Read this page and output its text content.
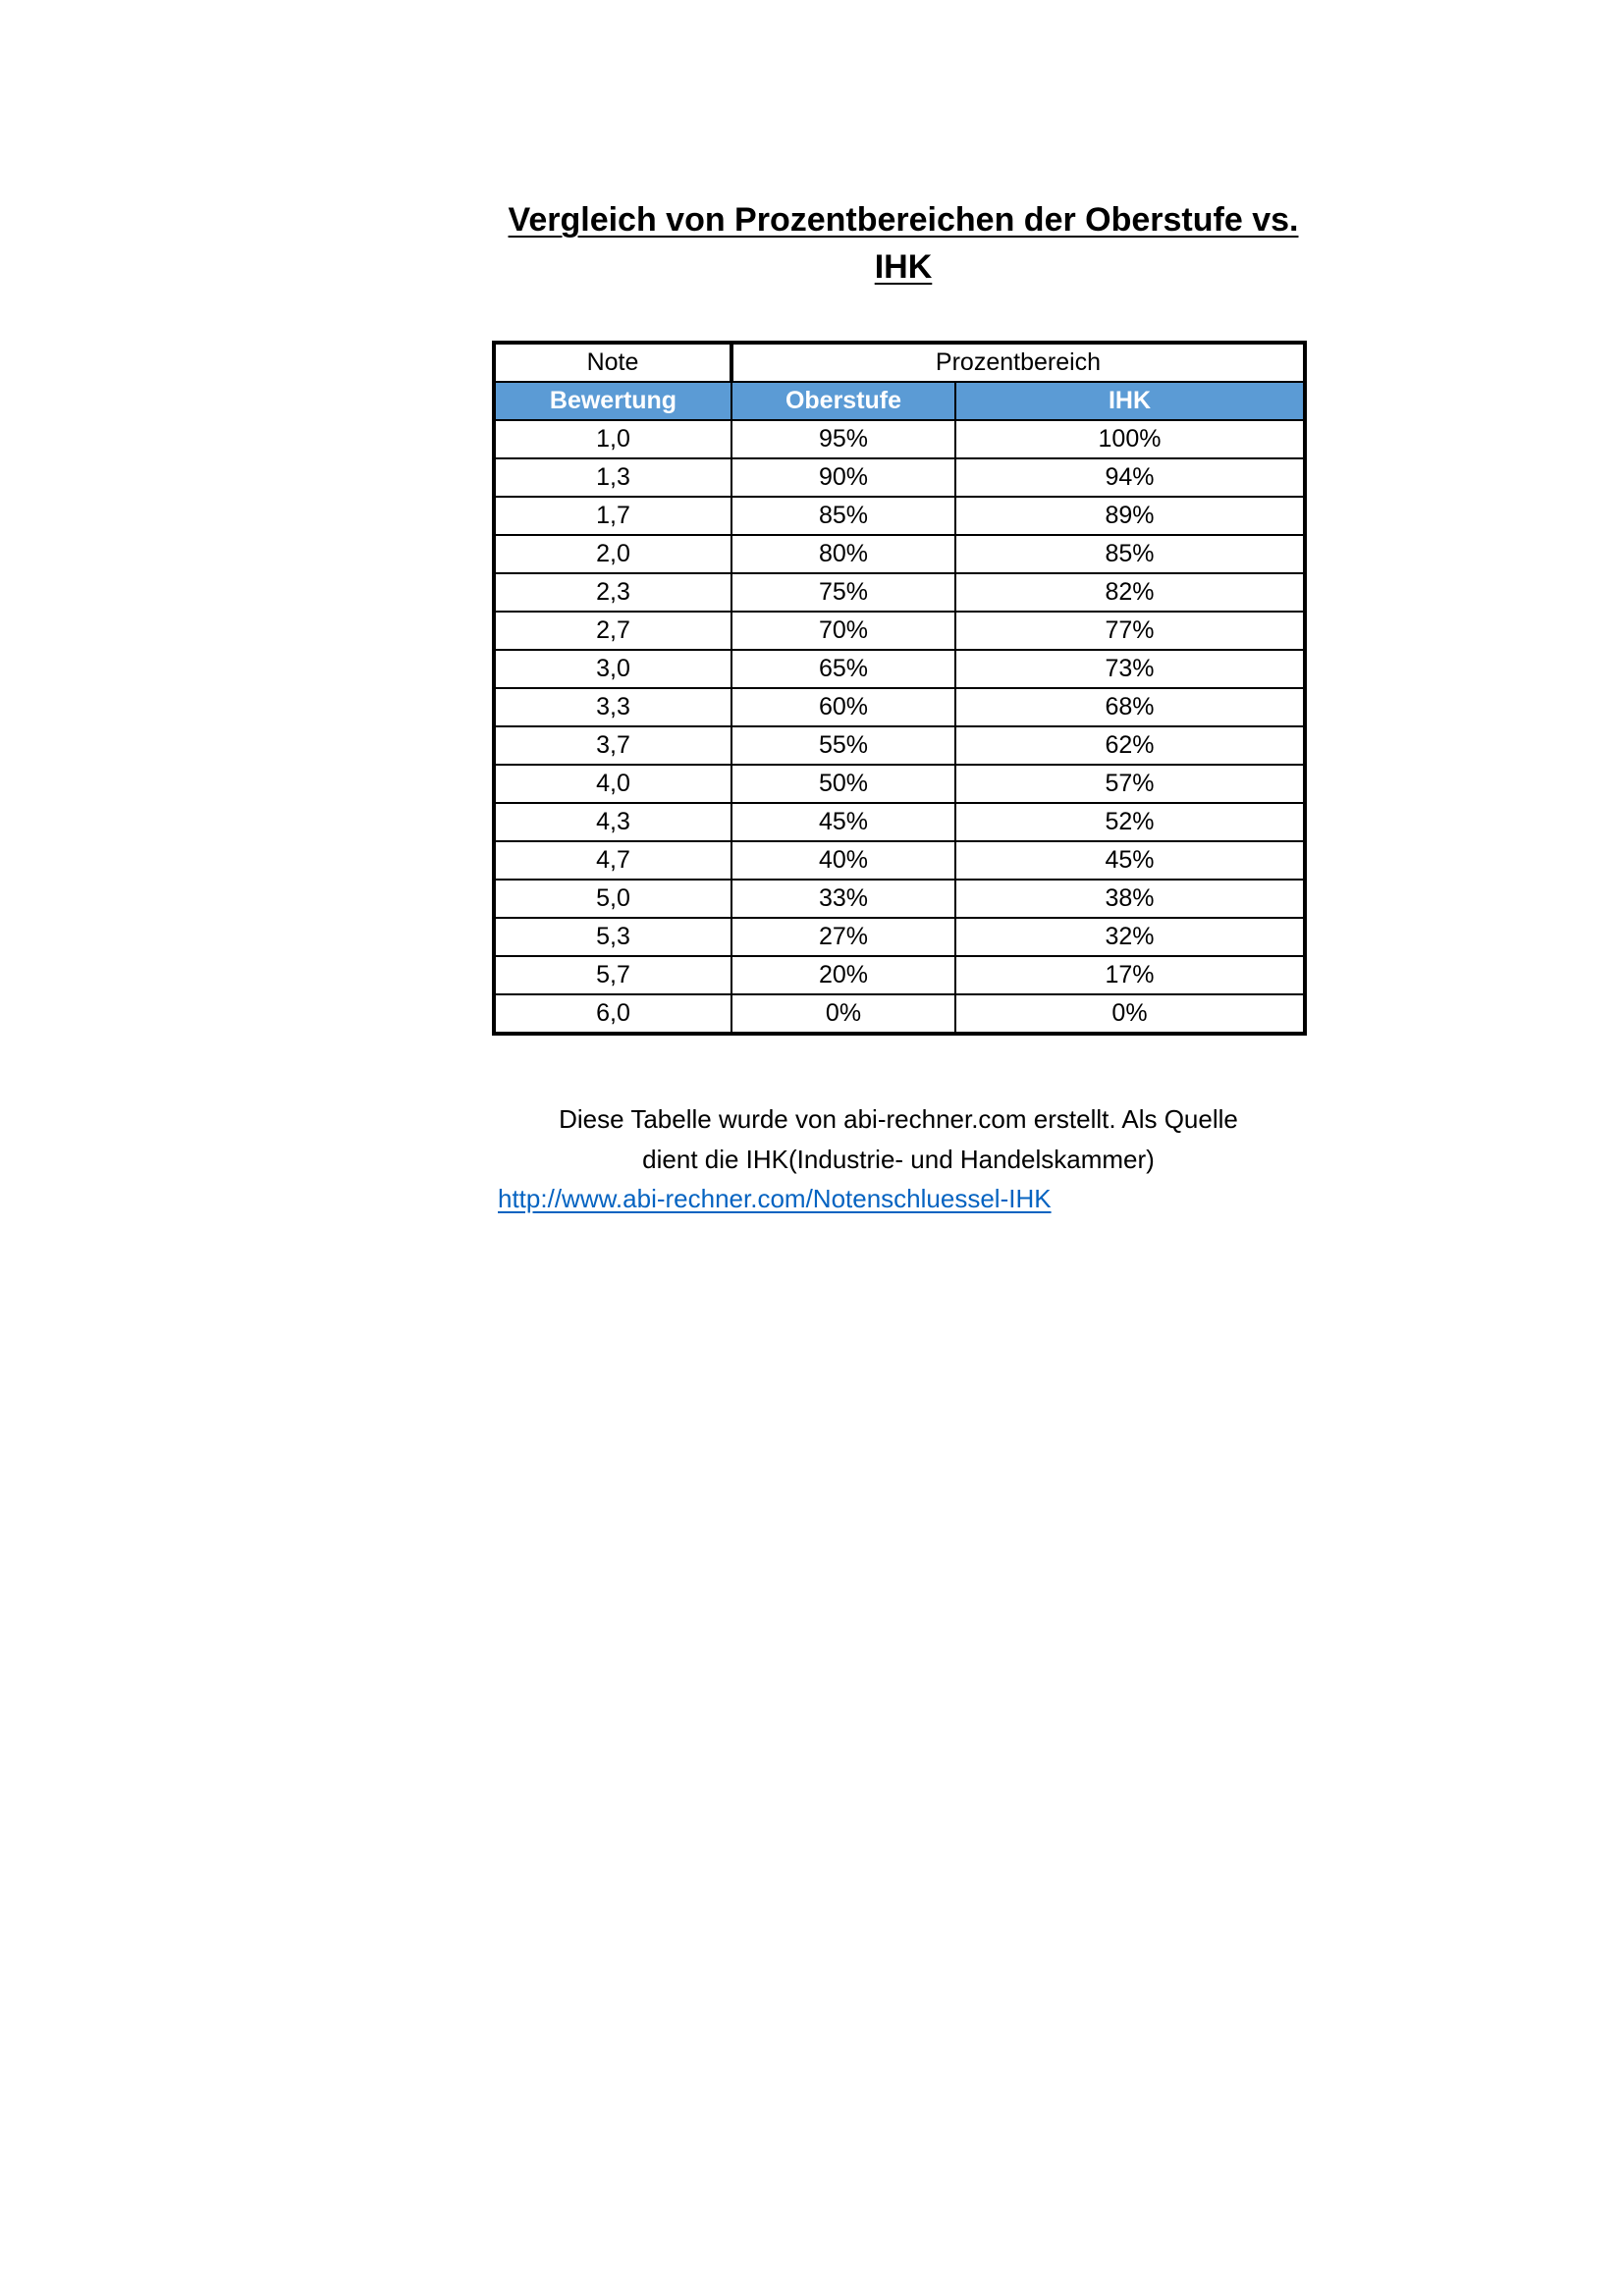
Vergleich von Prozentbereichen der Oberstufe vs.
IHK
Note	Prozentbereich	
Bewertung	Oberstufe	IHK
1,0	95%	100%
1,3	90%	94%
1,7	85%	89%
2,0	80%	85%
2,3	75%	82%
2,7	70%	77%
3,0	65%	73%
3,3	60%	68%
3,7	55%	62%
4,0	50%	57%
4,3	45%	52%
4,7	40%	45%
5,0	33%	38%
5,3	27%	32%
5,7	20%	17%
6,0	0%	0%
Diese Tabelle wurde von abi-rechner.com erstellt. Als Quelle
dient die IHK(Industrie- und Handelskammer)
http://www.abi-rechner.com/Notenschluessel-IHK
